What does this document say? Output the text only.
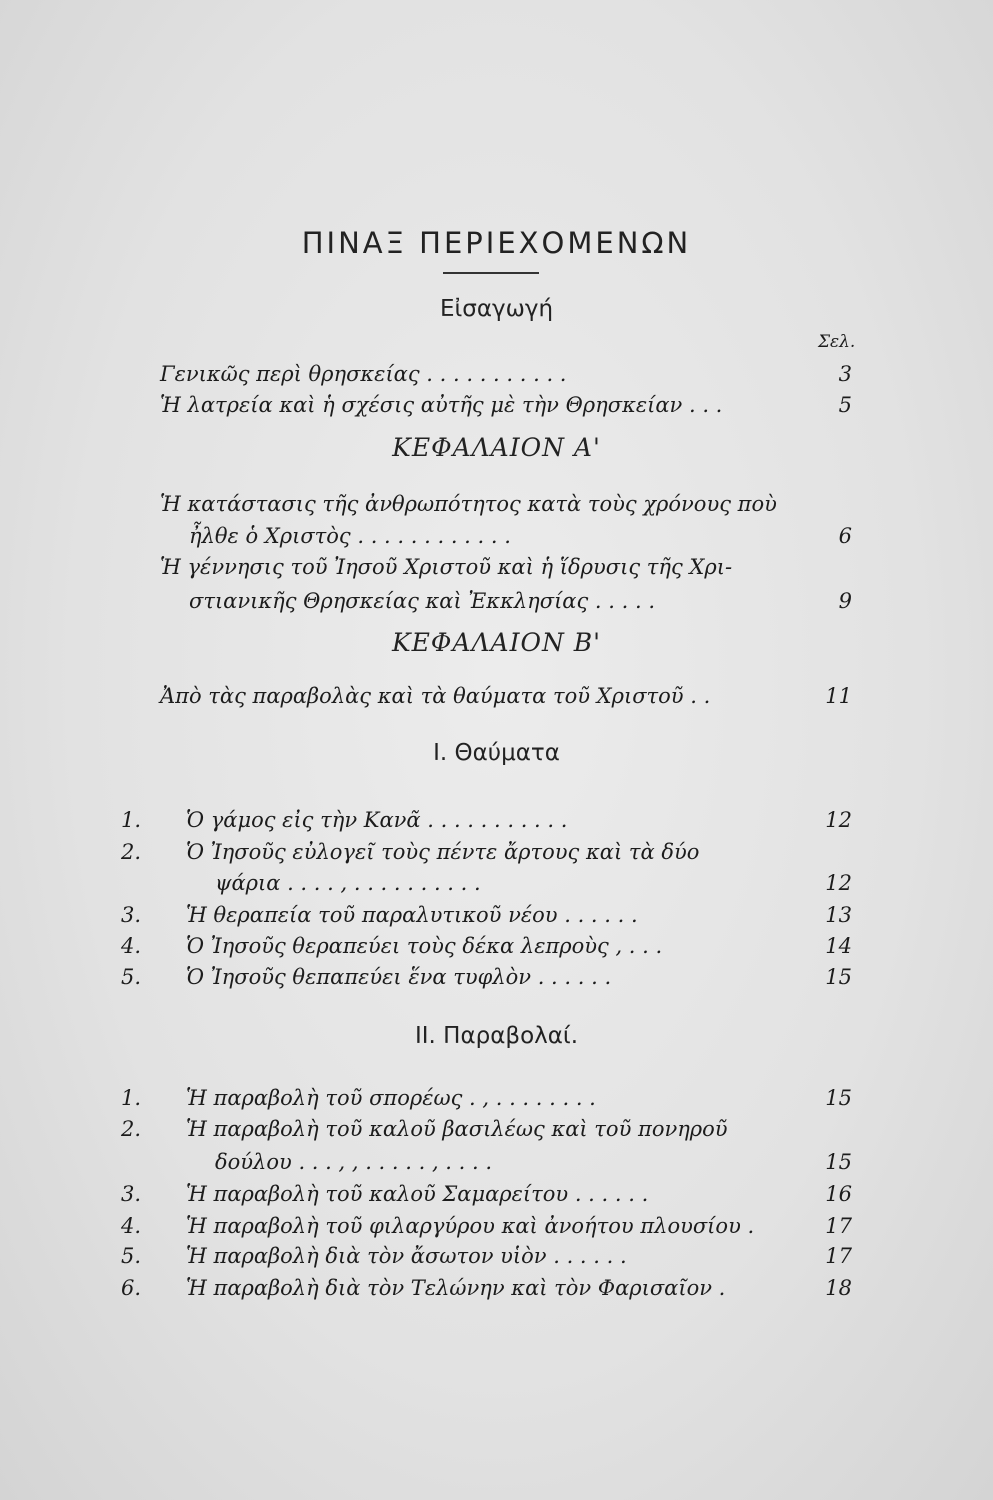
ΠΙΝΑΞ ΠΕΡΙΕΧΟΜΕΝΩΝ
Σελ.
Εἰσαγωγή
Γενικῶς περὶ θρησκείας . . . . . . . . . . .	3
Ἡ λατρεία καὶ ἡ σχέσις αὐτῆς μὲ τὴν Θρησκείαν . . .	5
ΚΕΦΑΛΑΙΟΝ Α'
Ἡ κατάστασις τῆς ἀνθρωπότητος κατὰ τοὺς χρόνους ποὺ
ἦλθε ὁ Χριστὸς . . . . . . . . . . . .	6
Ἡ γέννησις τοῦ Ἰησοῦ Χριστοῦ καὶ ἡ ἵδρυσις τῆς Χρι-
στιανικῆς Θρησκείας καὶ Ἐκκλησίας . . . . .	9
ΚΕΦΑΛΑΙΟΝ Β'
Ἀπὸ τὰς παραβολὰς καὶ τὰ θαύματα τοῦ Χριστοῦ . .	11
Ι. Θαύματα
1.	Ὁ γάμος εἰς τὴν Κανᾶ . . . . . . . . . . .	12
2.	Ὁ Ἰησοῦς εὐλογεῖ τοὺς πέντε ἄρτους καὶ τὰ δύο
ψάρια . . . . , . . . . . . . . . .	12
3.	Ἡ θεραπεία τοῦ παραλυτικοῦ νέου . . . . . .	13
4.	Ὁ Ἰησοῦς θεραπεύει τοὺς δέκα λεπροὺς , . . .	14
5.	Ὁ Ἰησοῦς θεπαπεύει ἕνα τυφλὸν . . . . . .	15
ΙΙ. Παραβολαί.
1.	Ἡ παραβολὴ τοῦ σπορέως . , . . . . . . . .	15
2.	Ἡ παραβολὴ τοῦ καλοῦ βασιλέως καὶ τοῦ πονηροῦ
δούλου . . . , , . . . . . , . . . .	15
3.	Ἡ παραβολὴ τοῦ καλοῦ Σαμαρείτου . . . . . .	16
4.	Ἡ παραβολὴ τοῦ φιλαργύρου καὶ ἀνοήτου πλουσίου .	17
5.	Ἡ παραβολὴ διὰ τὸν ἄσωτον υἱὸν . . . . . .	17
6.	Ἡ παραβολὴ διὰ τὸν Τελώνην καὶ τὸν Φαρισαῖον .	18
